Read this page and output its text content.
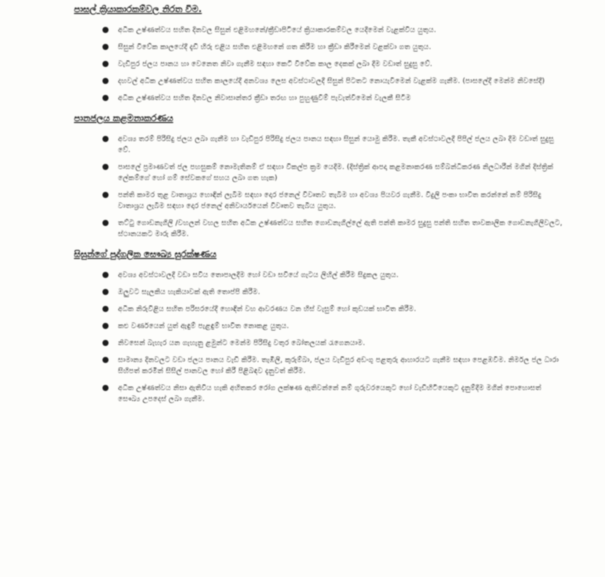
පාසල් ක්‍රියාකාරකම්වල නිරත වීම.
● අධික උෂ්ණත්වය සහිත දිනවල සිසුන් එළිමහනේ/ක්‍රීඩාපිටියේ ක්‍රියාකාරකම්වල යෙදීමෙන් වැළක්විය යුතුය.
● සිසුන් විවේක කාලයේදී දැඩි හිරු එළිය සහිත එළිමහනේ ගත කිරීම හා ක්‍රීඩා කිරීමෙන් වළක්වා ගත යුතුය.
● වැඩිපුර ජලය පානය හා වෙනෙත නිවා ගැනීම සඳහා කෙටි විවේක කාල දෙකක් ලබා දීම වඩාත් සුදුසු වේ.
● දහවල් අධික උෂ්ණත්වය සහිත කාලයේදී අනවශ්‍ය ලෙස අවස්ථාවලදී සිසුන් පිටතට නොයැවීමෙන් වැළක්ම ගැනීම. (පාසලේදී මෙන්ම නිවසේදී)
● අධික උෂ්ණත්වය සහිත දිනවල නිවාසාන්තර ක්‍රීඩා තරඟ හා පුහුණුවීම් පැවැත්වීමෙන් වැලකී සිටීම
පානජලය කළමනාකරණය
● අවශ්‍ය තරම් පිරිසිදු ජලය ලබා ගැනීම හා වැඩිපුර පිරිසිදු ජලය පානය සඳහා සිසුන් යොමු කිරීම. තැකී අවස්ථාවලදී පිපිල් ජලය ලබා දීම වඩාත් සුදුසු වේ.
● පාසලේ ප්‍රමාණවත් ජල පහසුකම් නොමැතිනම් ඒ සඳහා විකල්ප ක්‍රම යෙදීම. (දිස්ත්‍රික් ආපදා කළමනාකරණ සම්බන්ධීකරණ නිලධාරීන් මගින් දිස්ත්‍රික් ලේකම්ගේ හෝ ගම් සේවකගේ සහය ලබා ගත හැක)
● පන්ති කාමර තුළ වාතාශ්‍රය හොඳින් ලැබීම සඳහා දොර ජනෙල් විවෘතව තැබීම හා අවශ්‍ය පියවර ගැනීම. විදුලි පංකා භාවිත කරන්නේ නම් පිරිසිදු වාතාශ්‍රය ලැබීම සඳහා දොර ජනෙල් අනිවාර්යයෙන් විවෘතව තැබිය යුතුය.
● තට්ටු ගොඩනැගිලි /වහලන් වහල සහිත අධික උෂ්ණත්වය සහිත ගොඩනැගිල්ලේ ඇති පන්ති කාමර සුදුසු පන්ති සහිත තාවකාලික ගොඩනැගිලිවලට, ස්ථානයකට මාරු කිරීම.
සිසුන්ගේ පුද්ගලික සෞඛ්‍ය සුරක්ෂණය
● අවශ්‍ය අවස්ථාවලදී වඩා සවිය තොපාලදීම හෝ වඩා සවියේ ගැටය ලිහිල් කිරීම සිදුකල යුතුය.
● ඔලුවට සැලකිය හැකියාවක් ඇති තොප්පි කිරීම.
● අධික නිරුවිළිය සහිත පරිසරයේදී හොඳින් වහ ආවරණය වන හිස් වැසුම් හෝ කුඩයක් භාවිත කිරීම.
● කළු වර්ණයෙන් යුත් ඇඳුම් පැළඳුම් භාවිත නොකළ යුතුය.
● නිවසෙන් බැහැර යන ගැහැනු ළමුන්ට මෙන්ම පිරිසිදු වතුර බෝතලයක් රැගෙනයාම.
● සාමාන්‍ය දිනවලට වඩා ජලය පානය වැඩි කිරීම. තැඹිලි, කුරුම්බා, ජලය වැඩිපුර අඩංගු පළතුරු ආහාරයට ගැනීම සඳහා පෙළඹවීම. නිර්මල ජල ධාරා සිහිපත් කරමින් සිසිල් පානවල හෝ කිරී පිළිබඳව දැනුවත් කිරීම.
● අධික උෂ්ණත්වය නිසා ඇතිවිය හැකි අහිතකර රෝග ලක්ෂණ ඇතිවන්නේ නම් ගුරුවරයෙකුට හෝ වැඩිහිටියෙකුට දැනුම්දීම මගින් පොහොසත් සෞඛ්‍ය උපදෙස් ලබා ගැනීම.
